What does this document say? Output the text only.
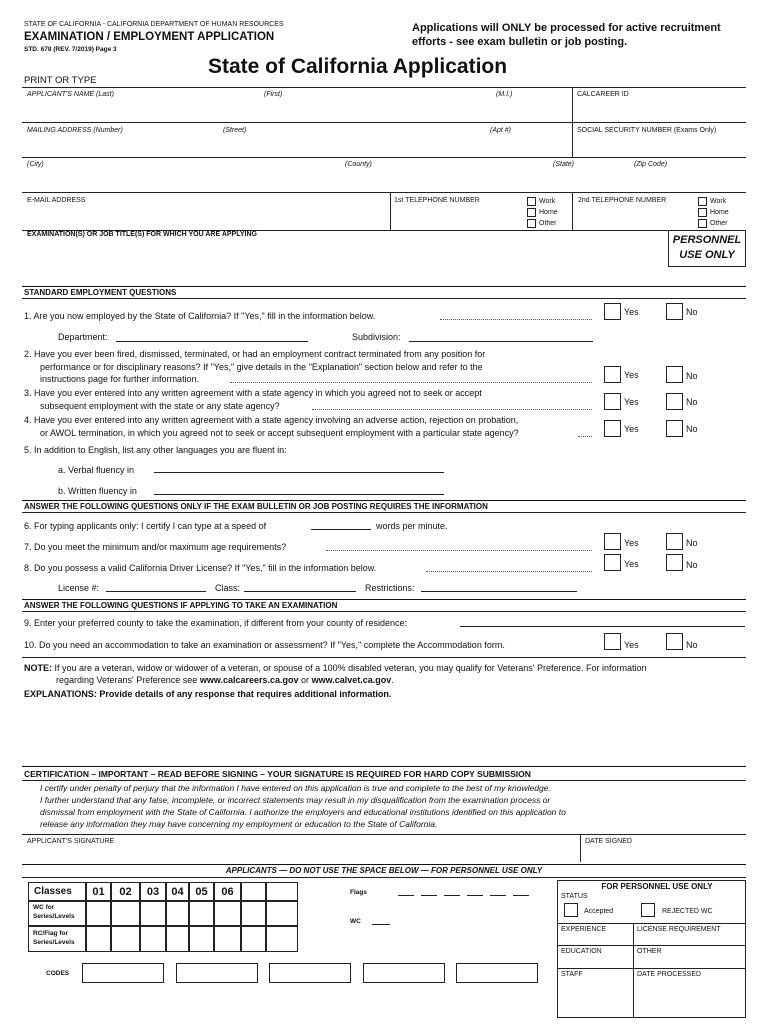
STATE OF CALIFORNIA - CALIFORNIA DEPARTMENT OF HUMAN RESOURCES
EXAMINATION / EMPLOYMENT APPLICATION
STD. 678 (REV. 7/2019) Page 3
Applications will ONLY be processed for active recruitment
efforts - see exam bulletin or job posting.
State of California Application
PRINT OR TYPE
APPLICANT'S NAME (Last)	(First)	(M.I.)	CALCAREER ID
MAILING ADDRESS (Number)	(Street)	(Apt #)	SOCIAL SECURITY NUMBER (Exams Only)
(City)	(County)	(State)	(Zip Code)
E-MAIL ADDRESS	1st TELEPHONE NUMBER	Work
Home
Other
2nd TELEPHONE NUMBER	Work
Home
Other
EXAMINATION(S) OR JOB TITLE(S) FOR WHICH YOU ARE APPLYING	PERSONNEL
USE ONLY
STANDARD EMPLOYMENT QUESTIONS
1. Are you now employed by the State of California? If "Yes," fill in the information below.	Yes	No
Department:	Subdivision:
2. Have you ever been fired, dismissed, terminated, or had an employment contract terminated from any position for
performance or for disciplinary reasons? If "Yes," give details in the "Explanation" section below and refer to the
instructions page for further information.	Yes	No
3. Have you ever entered into any written agreement with a state agency in which you agreed not to seek or accept
subsequent employment with the state or any state agency?	Yes	No
4. Have you ever entered into any written agreement with a state agency involving an adverse action, rejection on probation,
or AWOL termination, in which you agreed not to seek or accept subsequent employment with a particular state agency?	Yes	No
5. In addition to English, list any other languages you are fluent in:
a. Verbal fluency in
b. Written fluency in
ANSWER THE FOLLOWING QUESTIONS ONLY IF THE EXAM BULLETIN OR JOB POSTING REQUIRES THE INFORMATION
6. For typing applicants only: I certify I can type at a speed of	words per minute.
7. Do you meet the minimum and/or maximum age requirements?	Yes	No
8. Do you possess a valid California Driver License? If "Yes," fill in the information below.	Yes	No
License #:	Class:	Restrictions:
ANSWER THE FOLLOWING QUESTIONS IF APPLYING TO TAKE AN EXAMINATION
9. Enter your preferred county to take the examination, if different from your county of residence:
10. Do you need an accommodation to take an examination or assessment? If "Yes," complete the Accommodation form.	Yes	No
NOTE: If you are a veteran, widow or widower of a veteran, or spouse of a 100% disabled veteran, you may qualify for Veterans' Preference. For information
regarding Veterans' Preference see www.calcareers.ca.gov or www.calvet.ca.gov.
EXPLANATIONS: Provide details of any response that requires additional information.
CERTIFICATION – IMPORTANT – READ BEFORE SIGNING – YOUR SIGNATURE IS REQUIRED FOR HARD COPY SUBMISSION
I certify under penalty of perjury that the information I have entered on this application is true and complete to the best of my knowledge.
I further understand that any false, incomplete, or incorrect statements may result in my disqualification from the examination process or
dismissal from employment with the State of California. I authorize the employers and educational institutions identified on this application to
release any information they may have concerning my employment or education to the State of California.
APPLICANT'S SIGNATURE	DATE SIGNED
APPLICANTS — DO NOT USE THE SPACE BELOW — FOR PERSONNEL USE ONLY
Classes	01	02	03	04	05	06
WC for
Series/Levels
RC/Flag for
Series/Levels
Flags
WC
CODES
FOR PERSONNEL USE ONLY
STATUS
Accepted	REJECTED WC
EXPERIENCE	LICENSE REQUIREMENT
EDUCATION	OTHER
STAFF	DATE PROCESSED
